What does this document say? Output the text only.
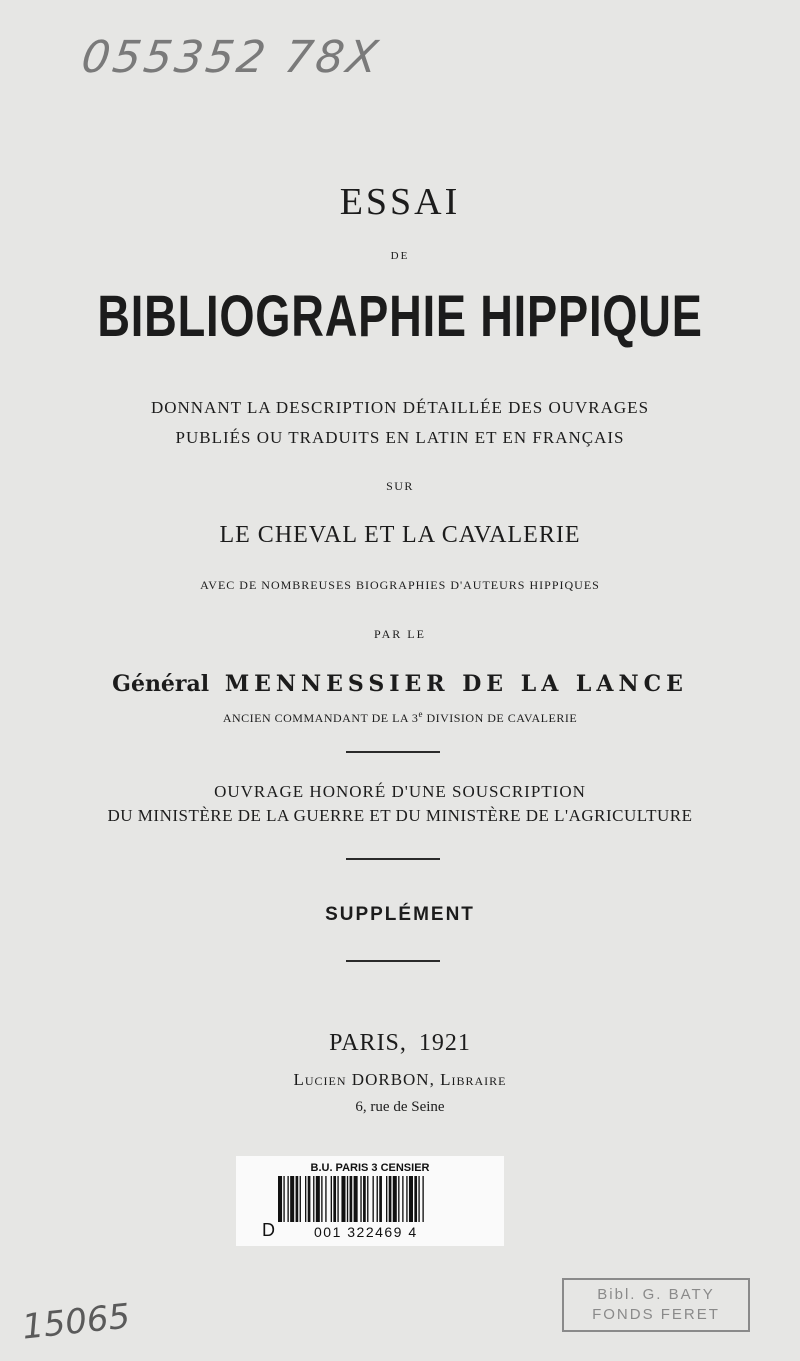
055352 78X
ESSAI
DE
BIBLIOGRAPHIE HIPPIQUE
DONNANT LA DESCRIPTION DÉTAILLÉE DES OUVRAGES
PUBLIÉS OU TRADUITS EN LATIN ET EN FRANÇAIS
SUR
LE CHEVAL ET LA CAVALERIE
AVEC DE NOMBREUSES BIOGRAPHIES D'AUTEURS HIPPIQUES
PAR LE
Général MENNESSIER DE LA LANCE
ANCIEN COMMANDANT DE LA 3e DIVISION DE CAVALERIE
OUVRAGE HONORÉ D'UNE SOUSCRIPTION
DU MINISTÈRE DE LA GUERRE ET DU MINISTÈRE DE L'AGRICULTURE
SUPPLÉMENT
PARIS, 1921
Lucien DORBON, Libraire
6, rue de Seine
B.U. PARIS 3 CENSIER
D	001 322469 4
15065
Bibl. G. BATY
FONDS FERET
